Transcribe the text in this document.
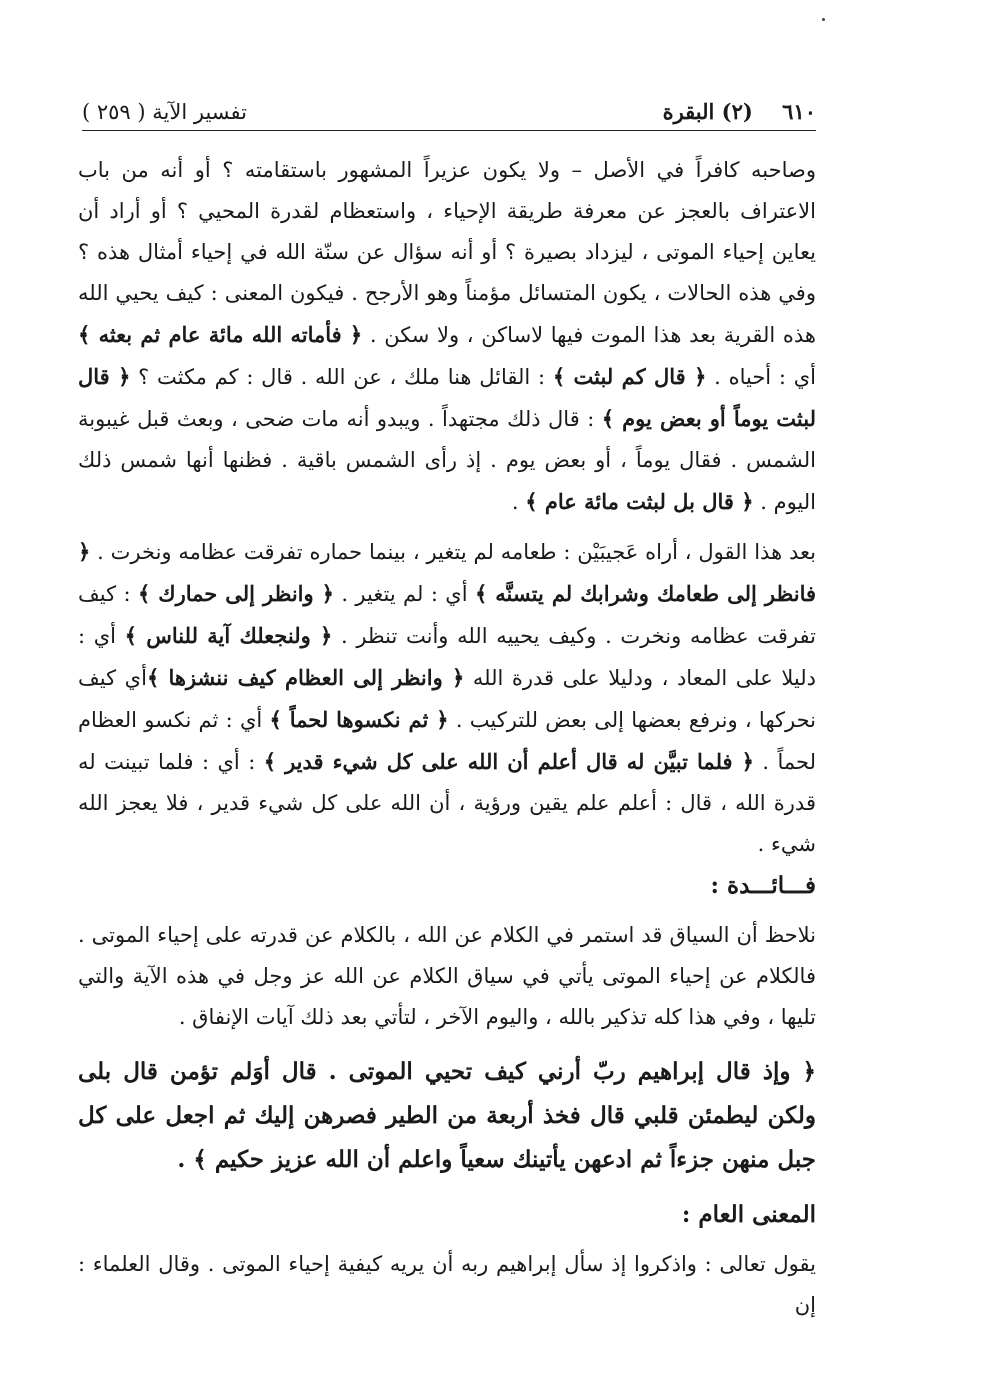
٦١٠ (٢) البقرة
تفسير الآية ( ٢٥٩ )

وصاحبه كافراً في الأصل – ولا يكون عزيراً المشهور باستقامته ؟ أو أنه من باب الاعتراف بالعجز عن معرفة طريقة الإحياء ، واستعظام لقدرة المحيي ؟ أو أراد أن يعاين إحياء الموتى ، ليزداد بصيرة ؟ أو أنه سؤال عن سنّة الله في إحياء أمثال هذه ؟ وفي هذه الحالات ، يكون المتسائل مؤمناً وهو الأرجح . فيكون المعنى : كيف يحيي الله هذه القرية بعد هذا الموت فيها لاساكن ، ولا سكن . ﴿ فأماته الله مائة عام ثم بعثه ﴾ أي : أحياه . ﴿ قال كم لبثت ﴾ : القائل هنا ملك ، عن الله . قال : كم مكثت ؟ ﴿ قال لبثت يوماً أو بعض يوم ﴾ : قال ذلك مجتهداً . ويبدو أنه مات ضحى ، وبعث قبل غيبوبة الشمس . فقال يوماً ، أو بعض يوم . إذ رأى الشمس باقية . فظنها أنها شمس ذلك اليوم . ﴿ قال بل لبثت مائة عام ﴾ .

بعد هذا القول ، أراه عَجيبَيْن : طعامه لم يتغير ، بينما حماره تفرقت عظامه ونخرت . ﴿ فانظر إلى طعامك وشرابك لم يتسنَّه ﴾ أي : لم يتغير . ﴿ وانظر إلى حمارك ﴾ : كيف تفرقت عظامه ونخرت . وكيف يحييه الله وأنت تنظر . ﴿ ولنجعلك آية للناس ﴾ أي : دليلا على المعاد ، ودليلا على قدرة الله ﴿ وانظر إلى العظام كيف ننشزها ﴾أي كيف نحركها ، ونرفع بعضها إلى بعض للتركيب . ﴿ ثم نكسوها لحماً ﴾ أي : ثم نكسو العظام لحماً . ﴿ فلما تبيَّن له قال أعلم أن الله على كل شيء قدير ﴾ : أي : فلما تبينت له قدرة الله ، قال : أعلم علم يقين ورؤية ، أن الله على كل شيء قدير ، فلا يعجز الله شيء .

فـــائـــدة :

نلاحظ أن السياق قد استمر في الكلام عن الله ، بالكلام عن قدرته على إحياء الموتى . فالكلام عن إحياء الموتى يأتي في سياق الكلام عن الله عز وجل في هذه الآية والتي تليها ، وفي هذا كله تذكير بالله ، واليوم الآخر ، لتأتي بعد ذلك آيات الإنفاق .

﴿ وإذ قال إبراهيم ربّ أرني كيف تحيي الموتى . قال أوَلم تؤمن قال بلى ولكن ليطمئن قلبي قال فخذ أربعة من الطير فصرهن إليك ثم اجعل على كل جبل منهن جزءاً ثم ادعهن يأتينك سعياً واعلم أن الله عزيز حكيم ﴾ .

المعنى العام :

يقول تعالى : واذكروا إذ سأل إبراهيم ربه أن يريه كيفية إحياء الموتى . وقال العلماء : إن
